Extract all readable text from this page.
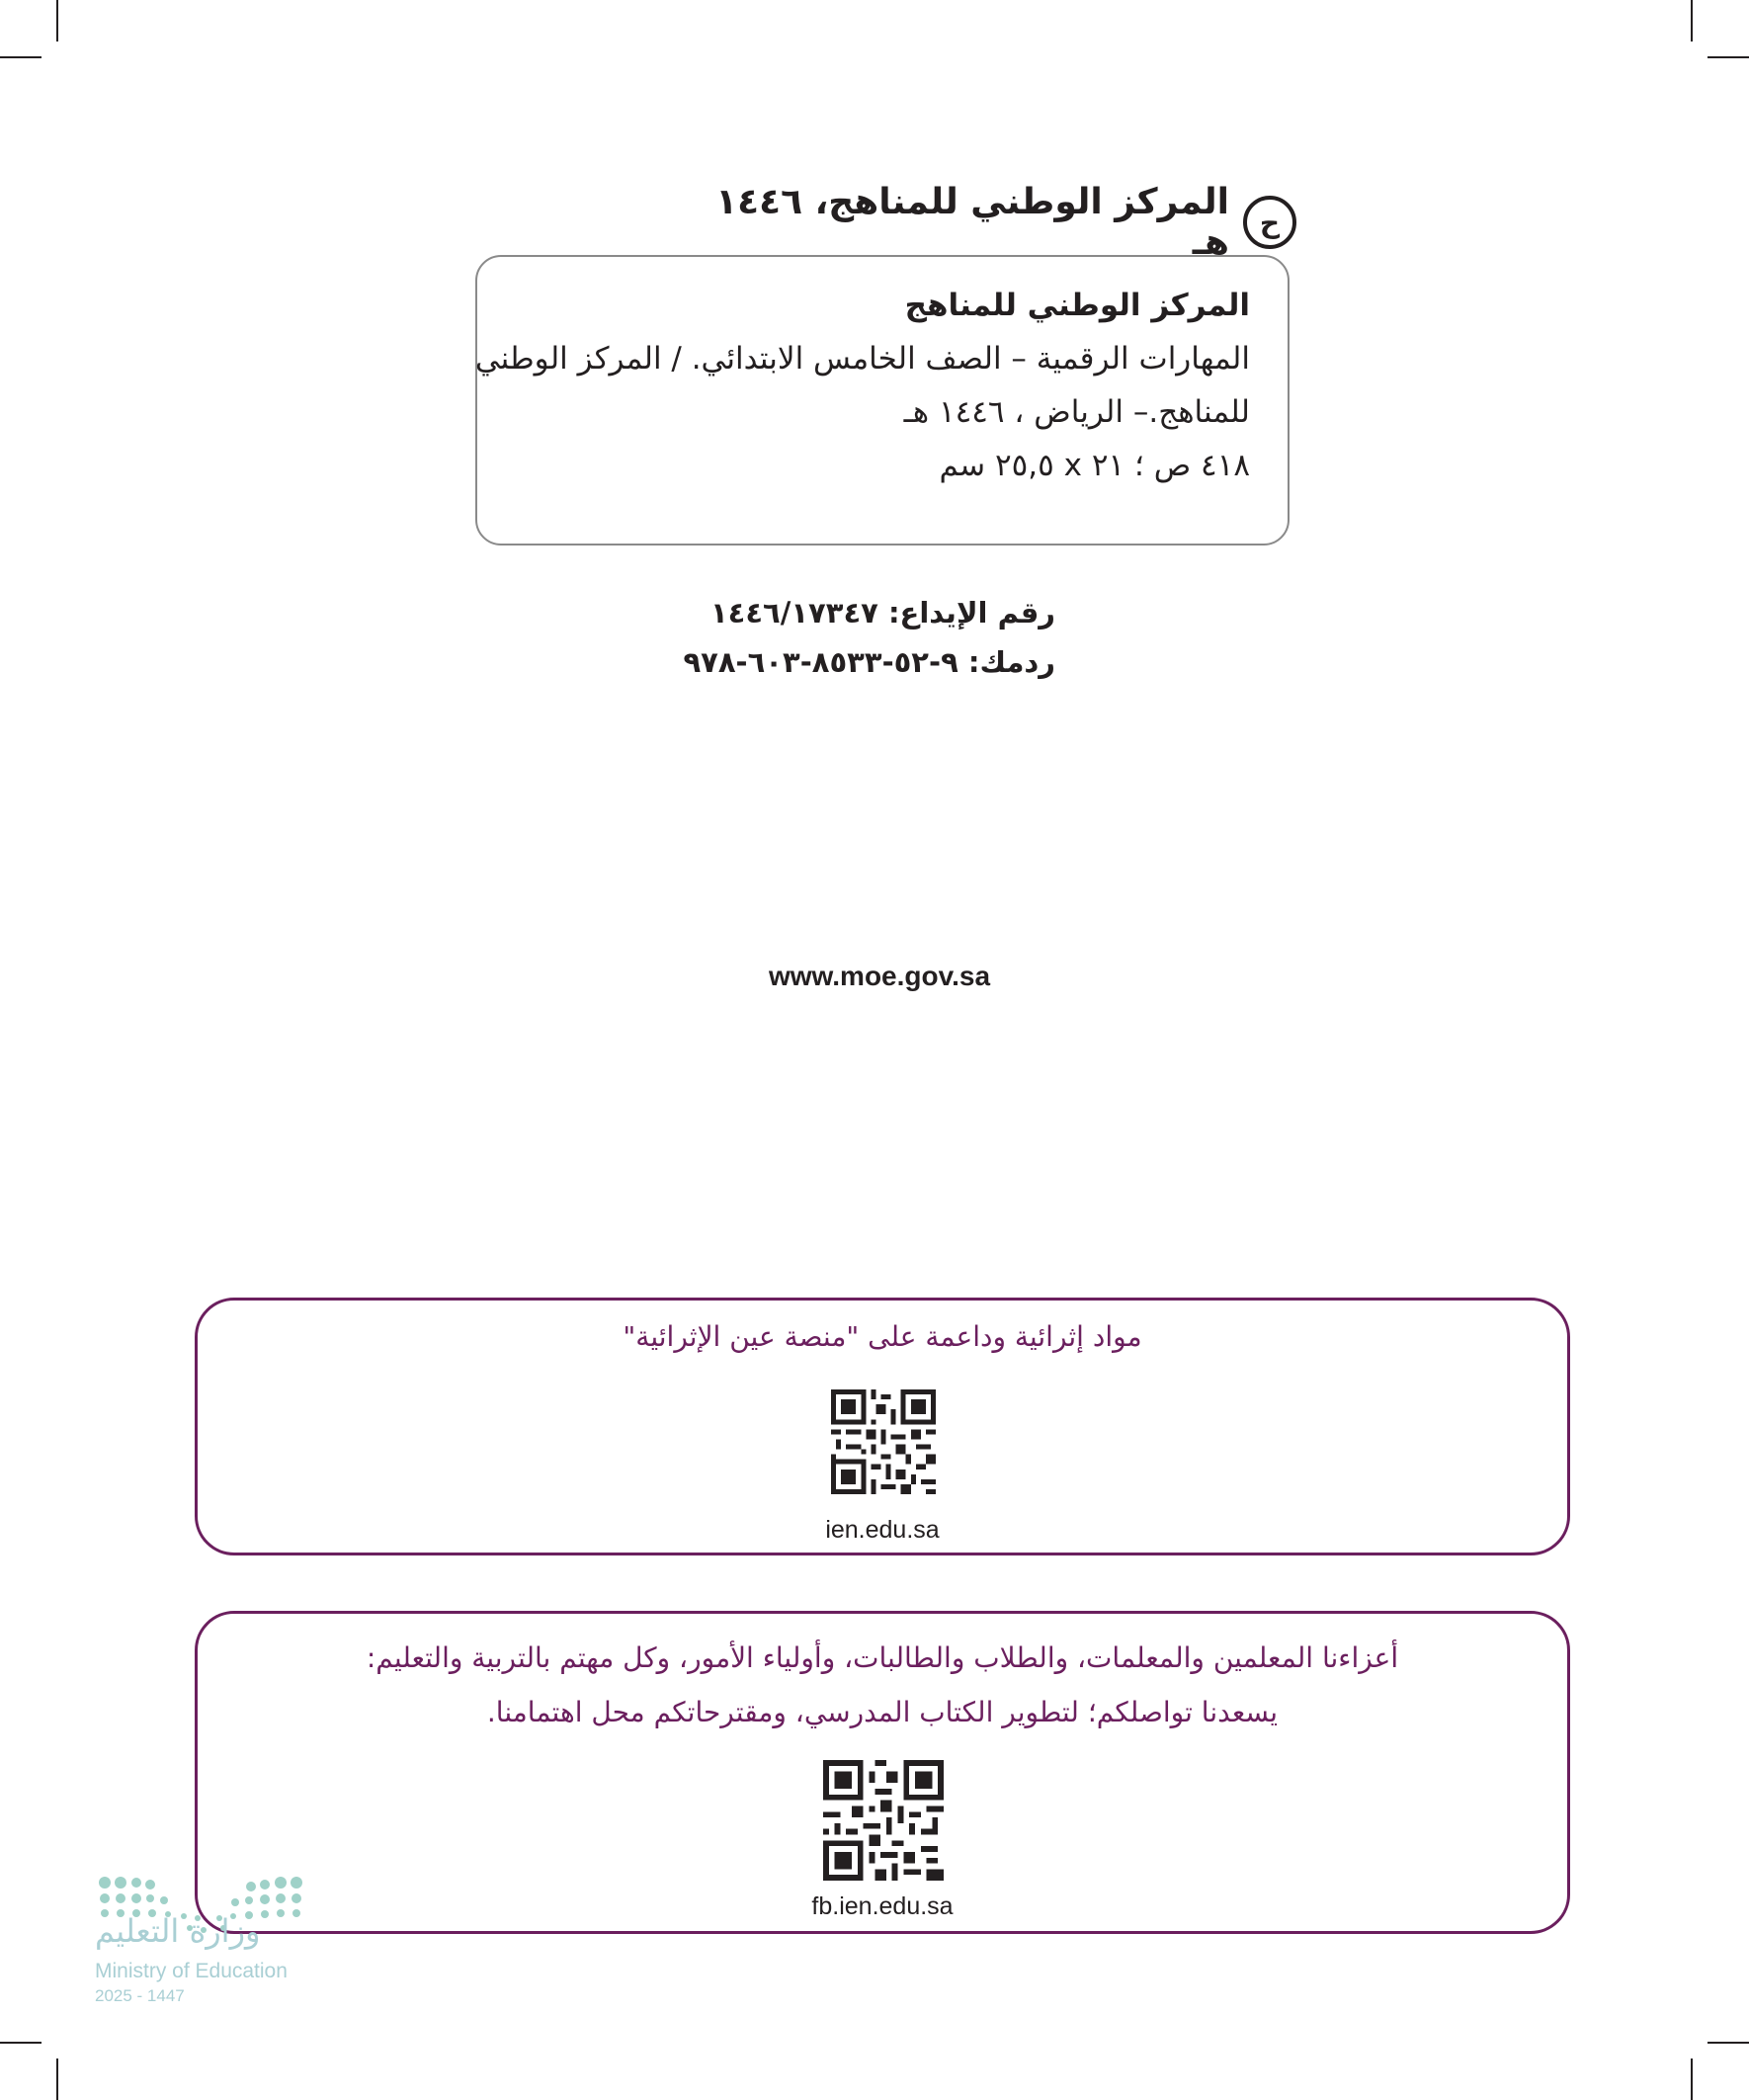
ح
المركز الوطني للمناهج، ١٤٤٦ هـ
المركز الوطني للمناهج
المهارات الرقمية – الصف الخامس الابتدائي. / المركز الوطني
للمناهج.– الرياض ، ١٤٤٦ هـ
٤١٨ ص ؛ ٢١ x ٢٥,٥ سم
رقم الإيداع: ١٤٤٦/١٧٣٤٧
ردمك: ٩-٥٢-٨٥٣٣-٦٠٣-٩٧٨
www.moe.gov.sa
مواد إثرائية وداعمة على "منصة عين الإثرائية"
ien.edu.sa
أعزاءنا المعلمين والمعلمات، والطلاب والطالبات، وأولياء الأمور، وكل مهتم بالتربية والتعليم:
يسعدنا تواصلكم؛ لتطوير الكتاب المدرسي، ومقترحاتكم محل اهتمامنا.
fb.ien.edu.sa
وزارة التعليم
Ministry of Education
2025 - 1447
